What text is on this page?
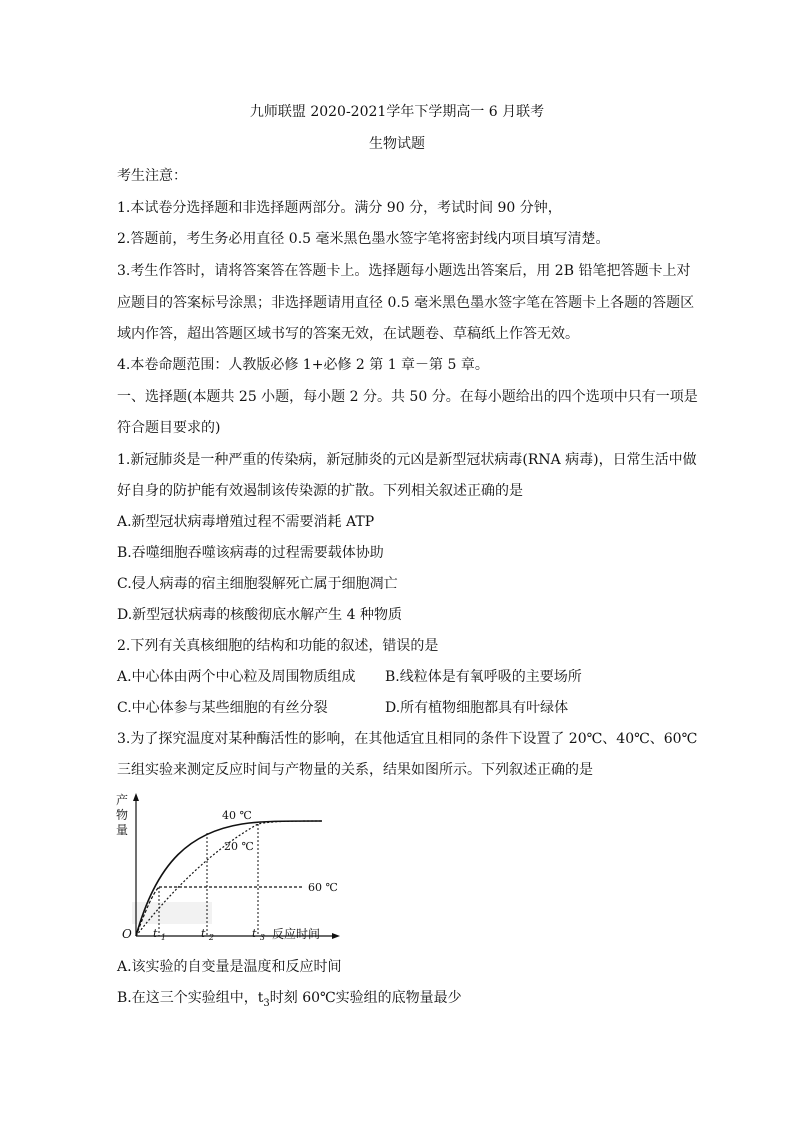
九师联盟 2020-2021学年下学期高一 6 月联考
生物试题
考生注意：
1.本试卷分选择题和非选择题两部分。满分 90 分，考试时间 90 分钟，
2.答题前，考生务必用直径 0.5 毫米黑色墨水签字笔将密封线内项目填写清楚。
3.考生作答时，请将答案答在答题卡上。选择题每小题选出答案后，用 2B 铅笔把答题卡上对
应题目的答案标号涂黑；非选择题请用直径 0.5 毫米黑色墨水签字笔在答题卡上各题的答题区
域内作答，超出答题区域书写的答案无效，在试题卷、草稿纸上作答无效。
4.本卷命题范围：人教版必修 1+必修 2 第 1 章－第 5 章。
一、选择题(本题共 25 小题，每小题 2 分。共 50 分。在每小题给出的四个选项中只有一项是
符合题目要求的)
1.新冠肺炎是一种严重的传染病，新冠肺炎的元凶是新型冠状病毒(RNA 病毒)，日常生活中做
好自身的防护能有效遏制该传染源的扩散。下列相关叙述正确的是
A.新型冠状病毒增殖过程不需要消耗 ATP
B.吞噬细胞吞噬该病毒的过程需要载体协助
C.侵人病毒的宿主细胞裂解死亡属于细胞凋亡
D.新型冠状病毒的核酸彻底水解产生 4 种物质
2.下列有关真核细胞的结构和功能的叙述，错误的是
A.中心体由两个中心粒及周围物质组成 B.线粒体是有氧呼吸的主要场所
C.中心体参与某些细胞的有丝分裂	D.所有植物细胞都具有叶绿体
3.为了探究温度对某种酶活性的影响，在其他适宜且相同的条件下设置了 20℃、40℃、60℃
三组实验来测定反应时间与产物量的关系，结果如图所示。下列叙述正确的是
产 物 量
40 ℃
20 ℃
60 ℃
O t $_1$	t $_2$	t $_3$ 反应时间
A.该实验的自变量是温度和反应时间
B.在这三个实验组中，$t_3$时刻 60℃实验组的底物量最少
